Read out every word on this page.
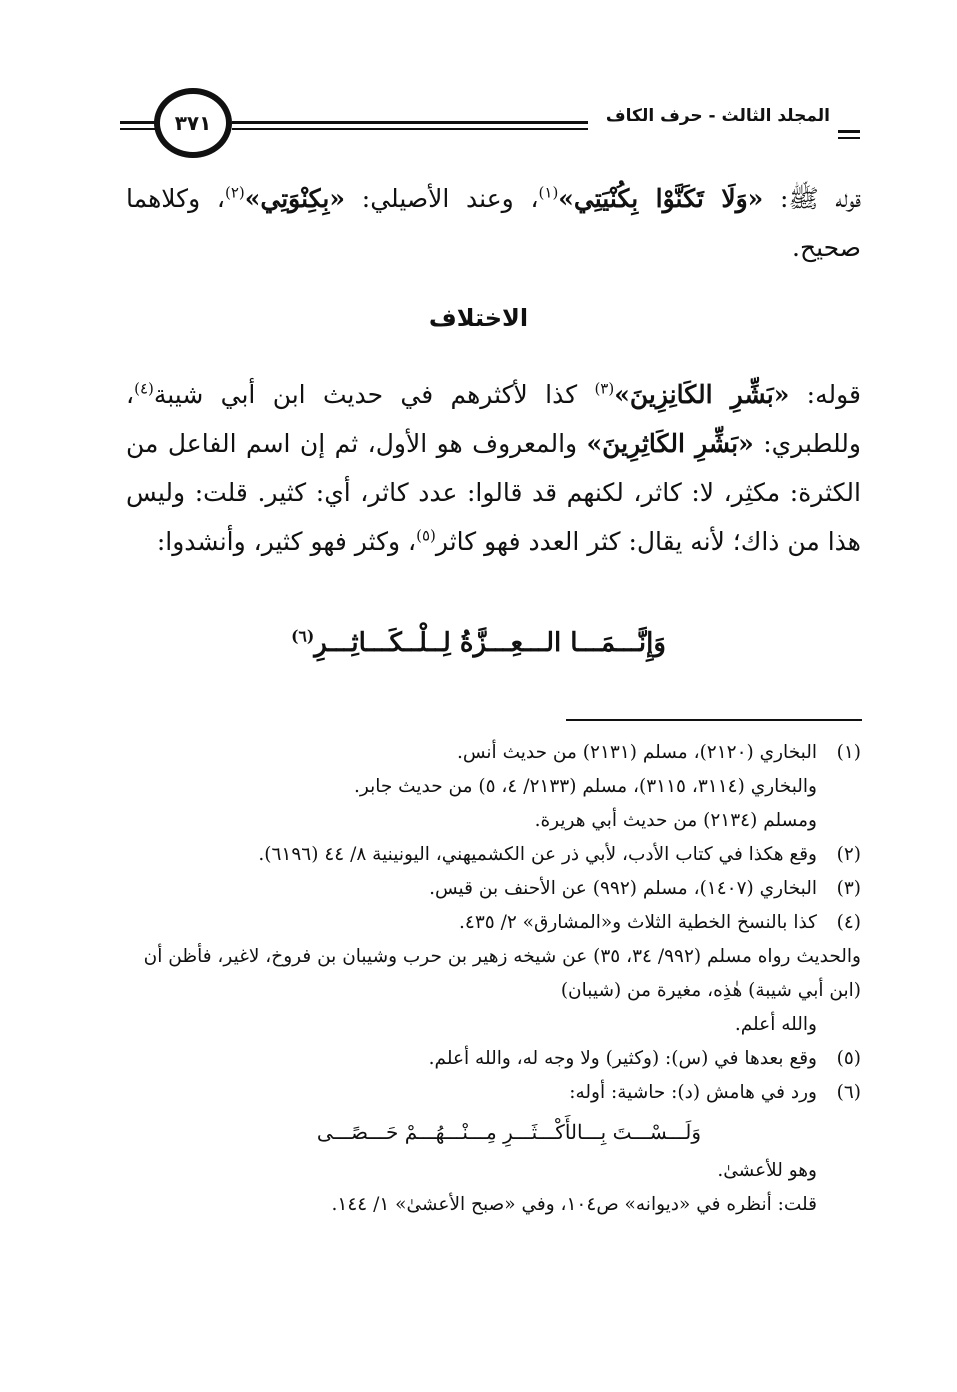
المجلد الثالث - حرف الكاف
٣٧١
قوله ﷺ: «وَلَا تَكَنَّوْا بِكُنْيَتِي»$^{(١)}$، وعند الأصيلي: «بِكِنْوَتِي»$^{(٢)}$، وكلاهما صحيح.
الاختلاف
قوله: «بَشِّرِ الكَانِزِينَ»$^{(٣)}$ كذا لأكثرهم في حديث ابن أبي شيبة$^{(٤)}$، وللطبري: «بَشِّرِ الكَاثِرِينَ» والمعروف هو الأول، ثم إن اسم الفاعل من الكثرة: مكثِر، لا: كاثر، لكنهم قد قالوا: عدد كاثر، أي: كثير. قلت: وليس هذا من ذاك؛ لأنه يقال: كثر العدد فهو كاثر$^{(٥)}$، وكثر فهو كثير، وأنشدوا:
وَإِنَّـــمَـــا الـــعِـــزَّةُ لِــلْــكَـــاثِـــرِ$^{(٦)}$
(١)
البخاري (٢١٢٠)، مسلم (٢١٣١) من حديث أنس.
والبخاري (٣١١٤، ٣١١٥)، مسلم (٢١٣٣/ ٤، ٥) من حديث جابر.
ومسلم (٢١٣٤) من حديث أبي هريرة.
(٢)
وقع هكذا في كتاب الأدب، لأبي ذر عن الكشميهني، اليونينية ٨/ ٤٤ (٦١٩٦).
(٣)
البخاري (١٤٠٧)، مسلم (٩٩٢) عن الأحنف بن قيس.
(٤)
كذا بالنسخ الخطية الثلاث و«المشارق» ٢/ ٤٣٥.
والحديث رواه مسلم (٩٩٢/ ٣٤، ٣٥) عن شيخه زهير بن حرب وشيبان بن فروخ، لاغير، فأظن أن (ابن أبي شيبة) هٰذِه، مغيرة من (شيبان)
والله أعلم.
(٥)
وقع بعدها في (س): (وكثير) ولا وجه له، والله أعلم.
(٦)
ورد في هامش (د): حاشية: أوله:
وَلَـــسْـــتَ بِـــالأَكْـــثَـــرِ مِـــنْـــهُـــمْ حَـــصًـــى
وهو للأعشىٰ.
قلت: أنظره في «ديوانه» ص١٠٤، وفي «صبح الأعشىٰ» ١/ ١٤٤.
